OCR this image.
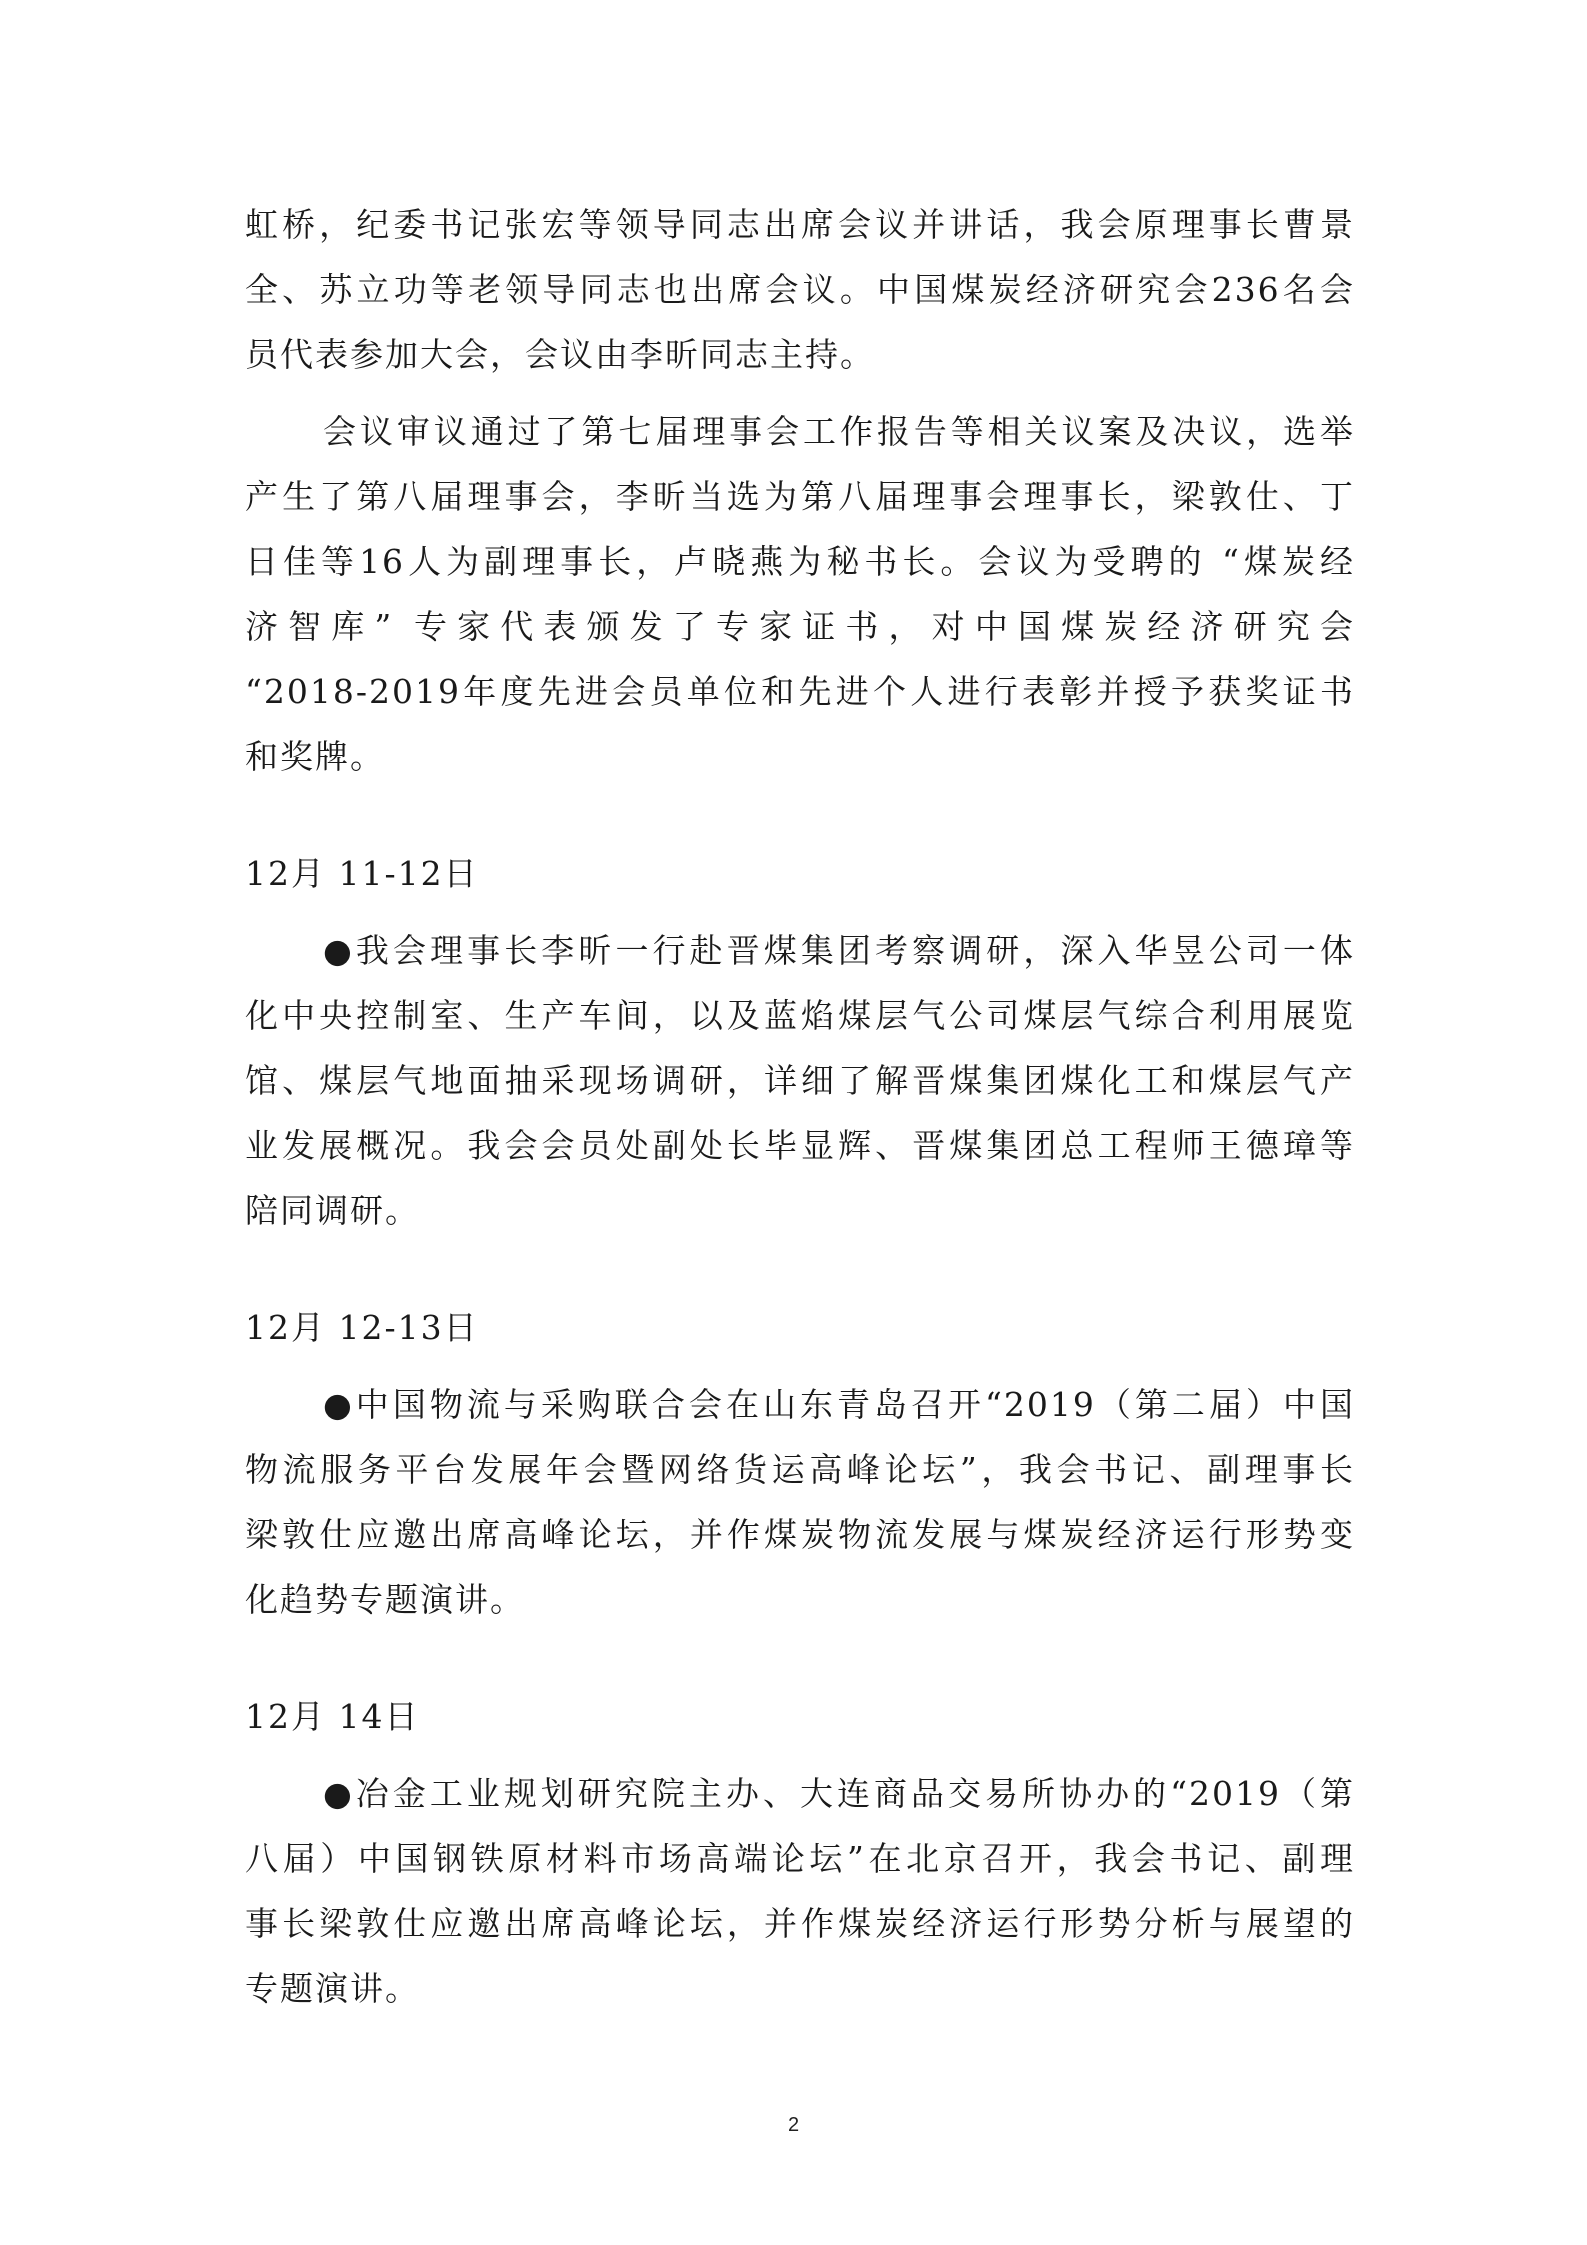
虹桥，纪委书记张宏等领导同志出席会议并讲话，我会原理事长曹景
全、苏立功等老领导同志也出席会议。中国煤炭经济研究会236名会
员代表参加大会，会议由李昕同志主持。
会议审议通过了第七届理事会工作报告等相关议案及决议，选举
产生了第八届理事会，李昕当选为第八届理事会理事长，梁敦仕、丁
日佳等16人为副理事长，卢晓燕为秘书长。会议为受聘的 “煤炭经
济智库” 专家代表颁发了专家证书，对中国煤炭经济研究会
“2018-2019年度先进会员单位和先进个人进行表彰并授予获奖证书
和奖牌。
12月 11-12日
●我会理事长李昕一行赴晋煤集团考察调研，深入华昱公司一体
化中央控制室、生产车间，以及蓝焰煤层气公司煤层气综合利用展览
馆、煤层气地面抽采现场调研，详细了解晋煤集团煤化工和煤层气产
业发展概况。我会会员处副处长毕显辉、晋煤集团总工程师王德璋等
陪同调研。
12月 12-13日
●中国物流与采购联合会在山东青岛召开“2019（第二届）中国
物流服务平台发展年会暨网络货运高峰论坛”，我会书记、副理事长
梁敦仕应邀出席高峰论坛，并作煤炭物流发展与煤炭经济运行形势变
化趋势专题演讲。
12月 14日
●冶金工业规划研究院主办、大连商品交易所协办的“2019（第
八届）中国钢铁原材料市场高端论坛”在北京召开，我会书记、副理
事长梁敦仕应邀出席高峰论坛，并作煤炭经济运行形势分析与展望的
专题演讲。
2
